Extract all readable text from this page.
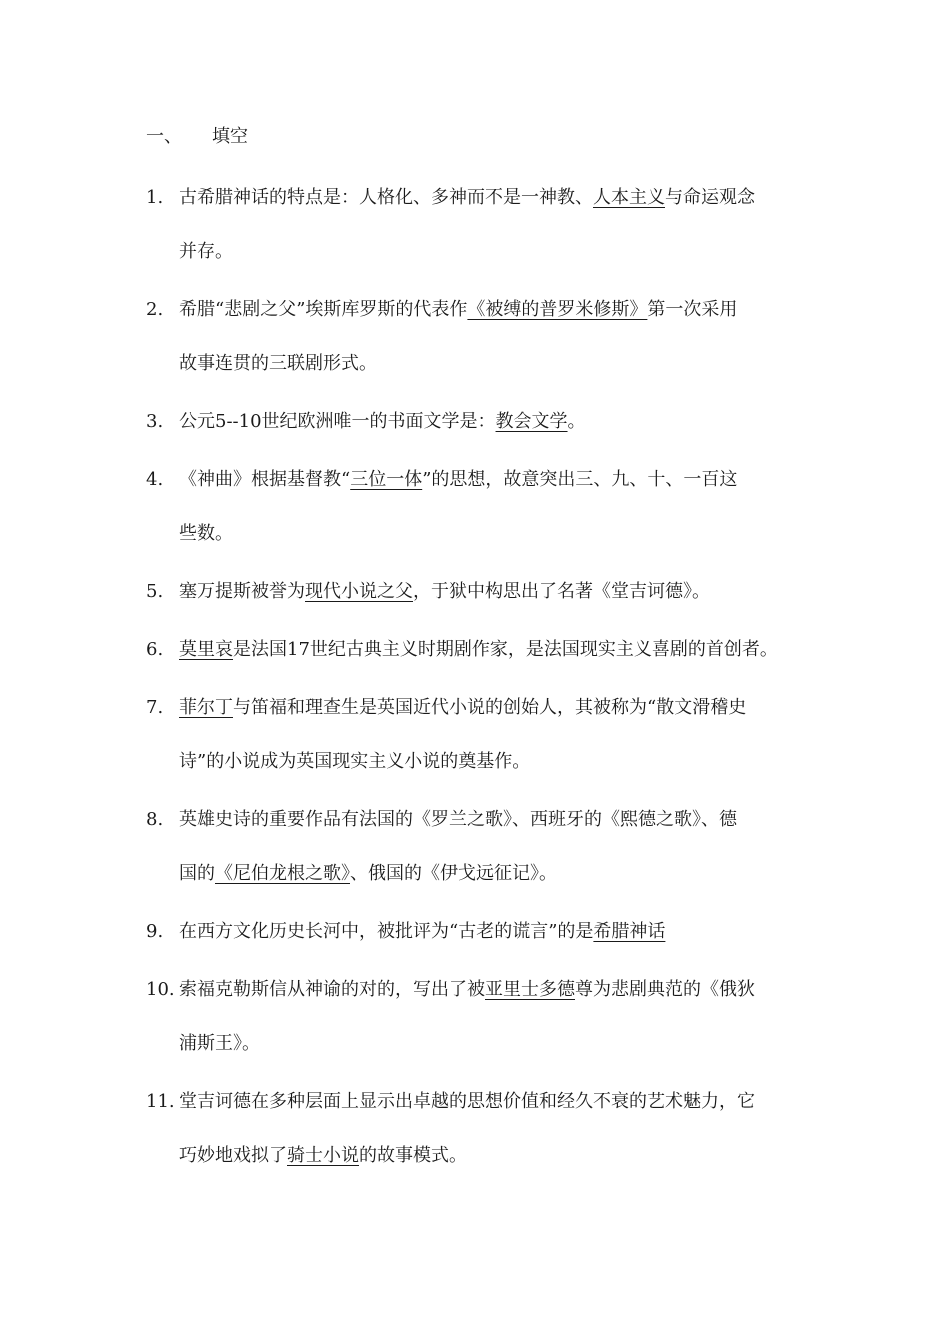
一、 填空
1. 古希腊神话的特点是：人格化、多神而不是一神教、人本主义与命运观念
并存。
2. 希腊“悲剧之父”埃斯库罗斯的代表作《被缚的普罗米修斯》第一次采用
故事连贯的三联剧形式。
3. 公元5--10世纪欧洲唯一的书面文学是：教会文学。
4. 《神曲》根据基督教“三位一体”的思想，故意突出三、九、十、一百这
些数。
5. 塞万提斯被誉为现代小说之父，于狱中构思出了名著《堂吉诃德》。
6. 莫里哀是法国17世纪古典主义时期剧作家，是法国现实主义喜剧的首创者。
7. 菲尔丁与笛福和理查生是英国近代小说的创始人，其被称为“散文滑稽史
诗”的小说成为英国现实主义小说的奠基作。
8. 英雄史诗的重要作品有法国的《罗兰之歌》、西班牙的《熙德之歌》、德
国的《尼伯龙根之歌》、俄国的《伊戈远征记》。
9. 在西方文化历史长河中，被批评为“古老的谎言”的是希腊神话
10. 索福克勒斯信从神谕的对的，写出了被亚里士多德尊为悲剧典范的《俄狄
浦斯王》。
11. 堂吉诃德在多种层面上显示出卓越的思想价值和经久不衰的艺术魅力，它
巧妙地戏拟了骑士小说的故事模式。
